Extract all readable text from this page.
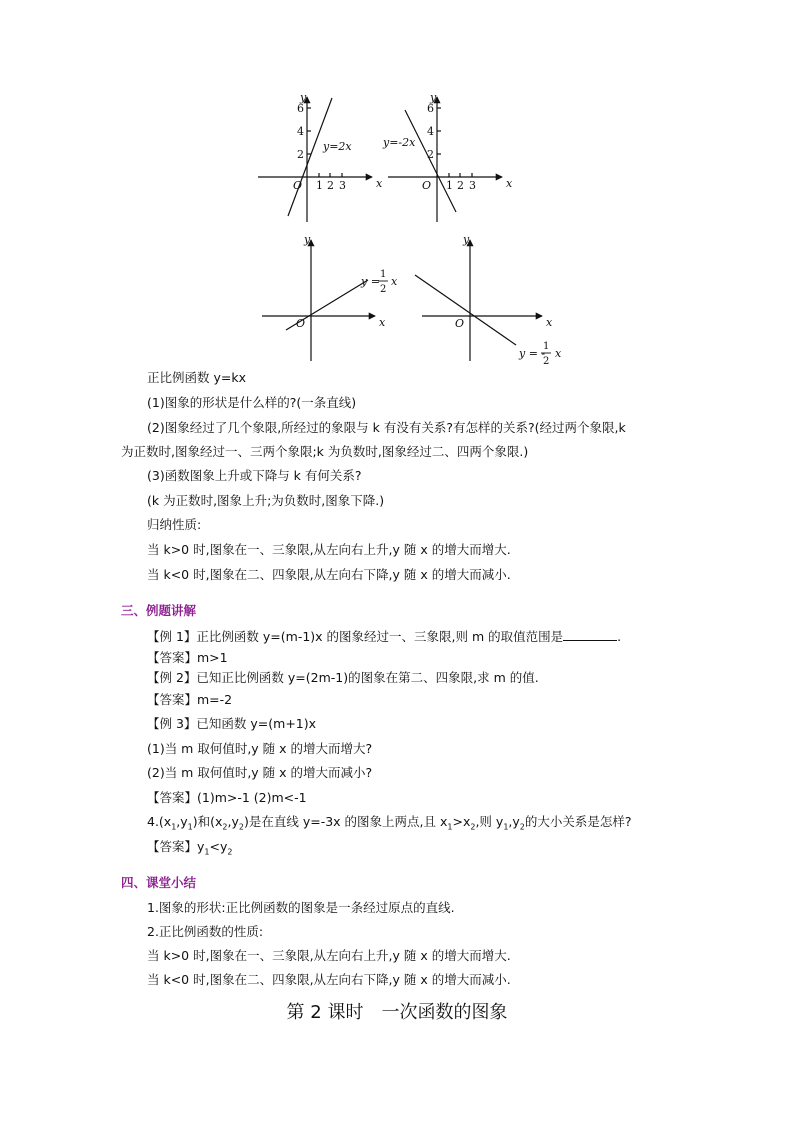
y
6
4
2
O 1 2 3	x
y=2x
y
6
4
2
O 1 2 3	x
y=-2x
y
O	x
y =
1
2
x
y
O	x
y = -
1
2
x
正比例函数 y=kx
(1)图象的形状是什么样的?(一条直线)
(2)图象经过了几个象限,所经过的象限与 k 有没有关系?有怎样的关系?(经过两个象限,k
为正数时,图象经过一、三两个象限;k 为负数时,图象经过二、四两个象限.)
(3)函数图象上升或下降与 k 有何关系?
(k 为正数时,图象上升;为负数时,图象下降.)
归纳性质:
当 k>0 时,图象在一、三象限,从左向右上升,y 随 x 的增大而增大.
当 k<0 时,图象在二、四象限,从左向右下降,y 随 x 的增大而减小.
三、例题讲解
【例 1】正比例函数 y=(m-1)x 的图象经过一、三象限,则 m 的取值范围是	.
【答案】m>1
【例 2】已知正比例函数 y=(2m-1)的图象在第二、四象限,求 m 的值.
【答案】m=-2
【例 3】已知函数 y=(m+1)x
(1)当 m 取何值时,y 随 x 的增大而增大?
(2)当 m 取何值时,y 随 x 的增大而减小?
【答案】(1)m>-1 (2)m<-1
$4.(x_1,y_1)$和$(x_2,y_2)$是在直线 y=-3x 的图象上两点,且 $x_1>x_2$,则 $y_1,y_2$的大小关系是怎样?
【答案】$y_1<y_2$
四、课堂小结
1.图象的形状:正比例函数的图象是一条经过原点的直线.
2.正比例函数的性质:
当 k>0 时,图象在一、三象限,从左向右上升,y 随 x 的增大而增大.
当 k<0 时,图象在二、四象限,从左向右下降,y 随 x 的增大而减小.
第 2 课时　一次函数的图象
